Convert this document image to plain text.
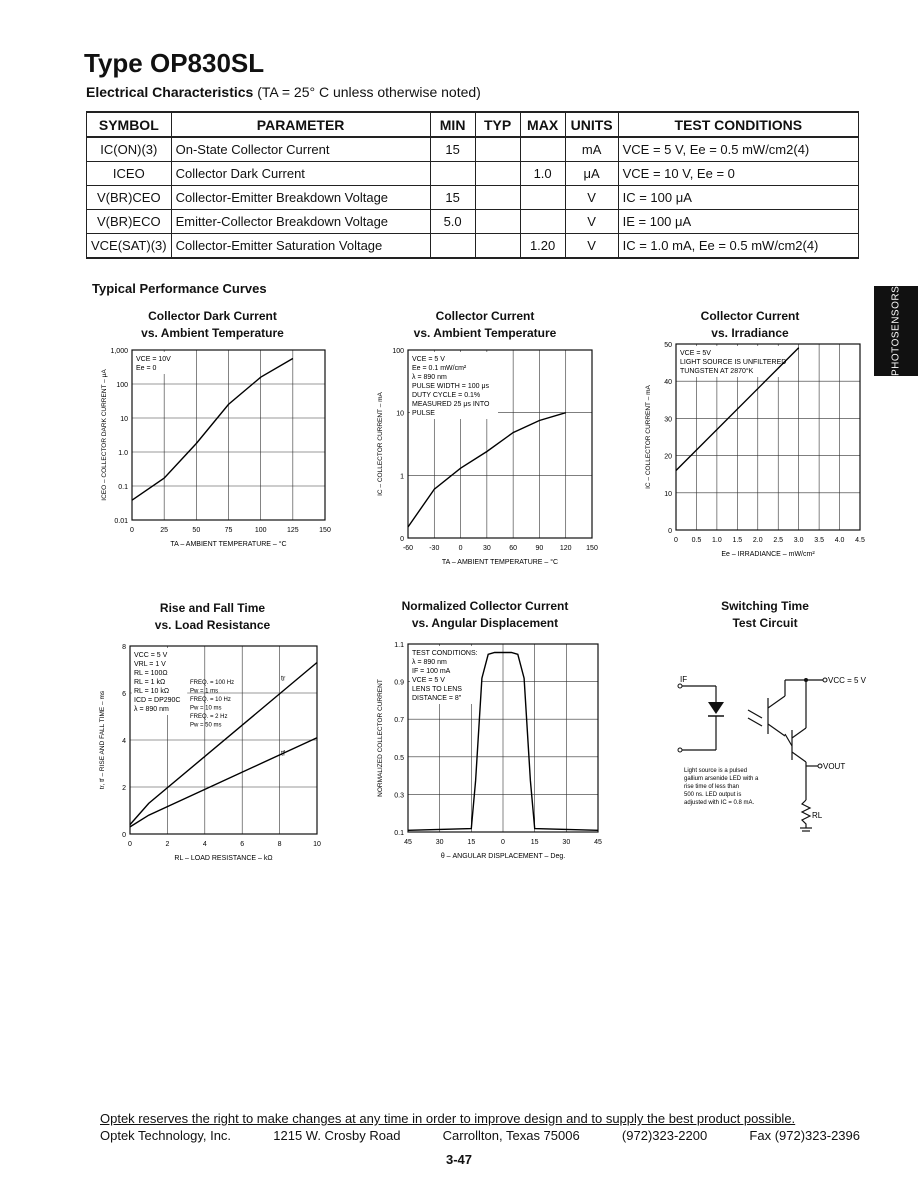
Type OP830SL
Electrical Characteristics (TA = 25° C unless otherwise noted)
PHOTOSENSORS
SYMBOL	PARAMETER	MIN	TYP	MAX	UNITS	TEST CONDITIONS
IC(ON)(3)	On-State Collector Current	15			mA	VCE = 5 V, Ee = 0.5 mW/cm2(4)
ICEO	Collector Dark Current			1.0	μA	VCE = 10 V, Ee = 0
V(BR)CEO	Collector-Emitter Breakdown Voltage	15			V	IC = 100 μA
V(BR)ECO	Emitter-Collector Breakdown Voltage	5.0			V	IE = 100 μA
VCE(SAT)(3)	Collector-Emitter Saturation Voltage			1.20	V	IC = 1.0 mA, Ee = 0.5 mW/cm2(4)
Typical Performance Curves
Collector Dark Current
vs. Ambient Temperature
0	25	50	75	100	125	150
1,000
100
10
1.0
0.1
0.01
VCE = 10V
Ee = 0
TA – AMBIENT TEMPERATURE – °C
ICEO – COLLECTOR DARK CURRENT – μA
Collector Current
vs. Ambient Temperature
-60 -30	0	30	60	90 120 150
100
10
1
0
VCE = 5 V
Ee = 0.1 mW/cm²
λ = 890 nm
PULSE WIDTH = 100 μs
DUTY CYCLE = 0.1%
MEASURED 25 μs INTO
PULSE
TA – AMBIENT TEMPERATURE – °C
IC – COLLECTOR CURRENT – mA
Collector Current
vs. Irradiance
0 0.5 1.0 1.5 2.0 2.5 3.0 3.5 4.0 4.5
50
40
30
20
10
0
VCE = 5V
LIGHT SOURCE IS UNFILTERED
TUNGSTEN AT 2870°K
Ee – IRRADIANCE – mW/cm²
IC – COLLECTOR CURRENT – mA
Rise and Fall Time
vs. Load Resistance
0	2	4	6	8	10
8
6
4
2
0
VCC = 5 V
VRL = 1 V
RL = 100Ω
RL = 1 kΩ
RL = 10 kΩ
ICD = DP290C
λ = 890 nm
FREQ. = 100 Hz
Pw = 1 ms
FREQ. = 10 Hz
Pw = 10 ms
FREQ. = 2 Hz
Pw = 50 ms
tr
tf
RL – LOAD RESISTANCE – kΩ
tr, tf – RISE AND FALL TIME – ms
Normalized Collector Current
vs. Angular Displacement
45	30	15	0	15	30	45
1.1
0.9
0.7
0.5
0.3
0.1
TEST CONDITIONS:
λ = 890 nm
IF = 100 mA
VCE = 5 V
LENS TO LENS
DISTANCE = 8"
θ – ANGULAR DISPLACEMENT – Deg.
NORMALIZED COLLECTOR CURRENT
Switching Time
Test Circuit
IF	VCC = 5 V
VOUT
RL
Light source is a pulsed
gallium arsenide LED with a
rise time of less than
500 ns. LED output is
adjusted with IC = 0.8 mA.
Optek reserves the right to make changes at any time in order to improve design and to supply the best product possible.
Optek Technology, Inc.	1215 W. Crosby Road	Carrollton, Texas 75006	(972)323-2200	Fax (972)323-2396
3-47
